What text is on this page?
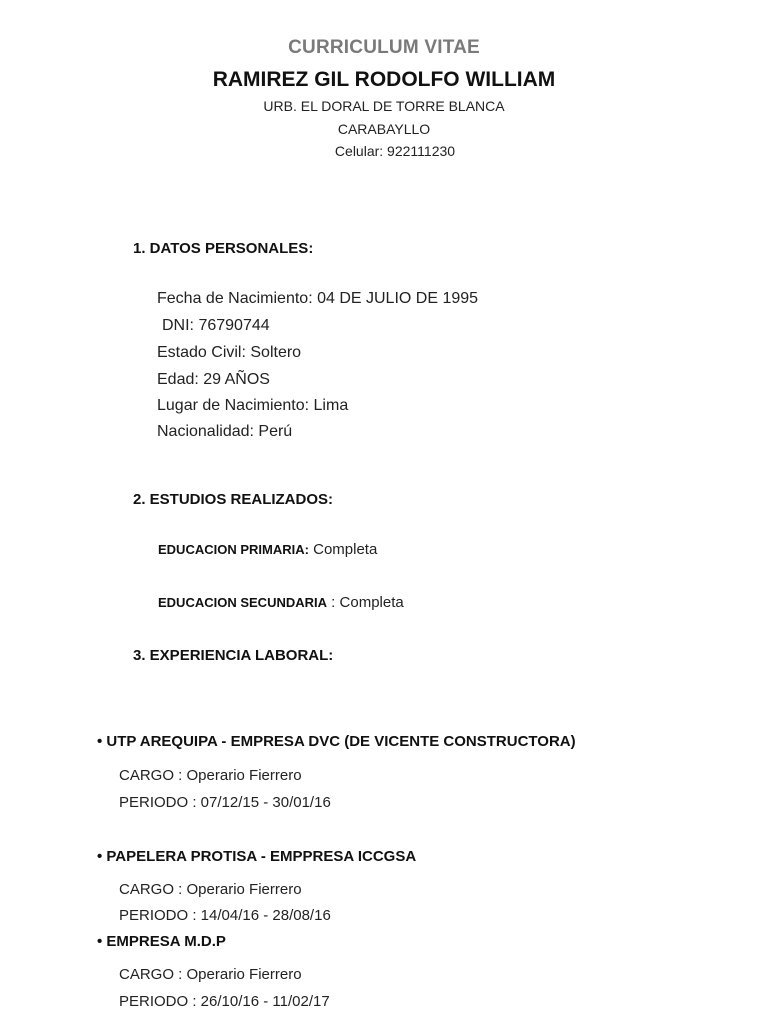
CURRICULUM VITAE
RAMIREZ GIL RODOLFO WILLIAM
URB. EL DORAL DE TORRE BLANCA
CARABAYLLO
Celular: 922111230
1. DATOS PERSONALES:
Fecha de Nacimiento: 04 DE JULIO DE 1995
DNI: 76790744
Estado Civil: Soltero
Edad: 29 AÑOS
Lugar de Nacimiento: Lima
Nacionalidad: Perú
2. ESTUDIOS REALIZADOS:
EDUCACION PRIMARIA: Completa
EDUCACION SECUNDARIA : Completa
3. EXPERIENCIA LABORAL:
• UTP AREQUIPA - EMPRESA DVC (DE VICENTE CONSTRUCTORA)
CARGO : Operario Fierrero
PERIODO : 07/12/15 - 30/01/16
• PAPELERA PROTISA - EMPPRESA ICCGSA
CARGO : Operario Fierrero
PERIODO : 14/04/16 - 28/08/16
• EMPRESA M.D.P
CARGO : Operario Fierrero
PERIODO : 26/10/16 - 11/02/17
